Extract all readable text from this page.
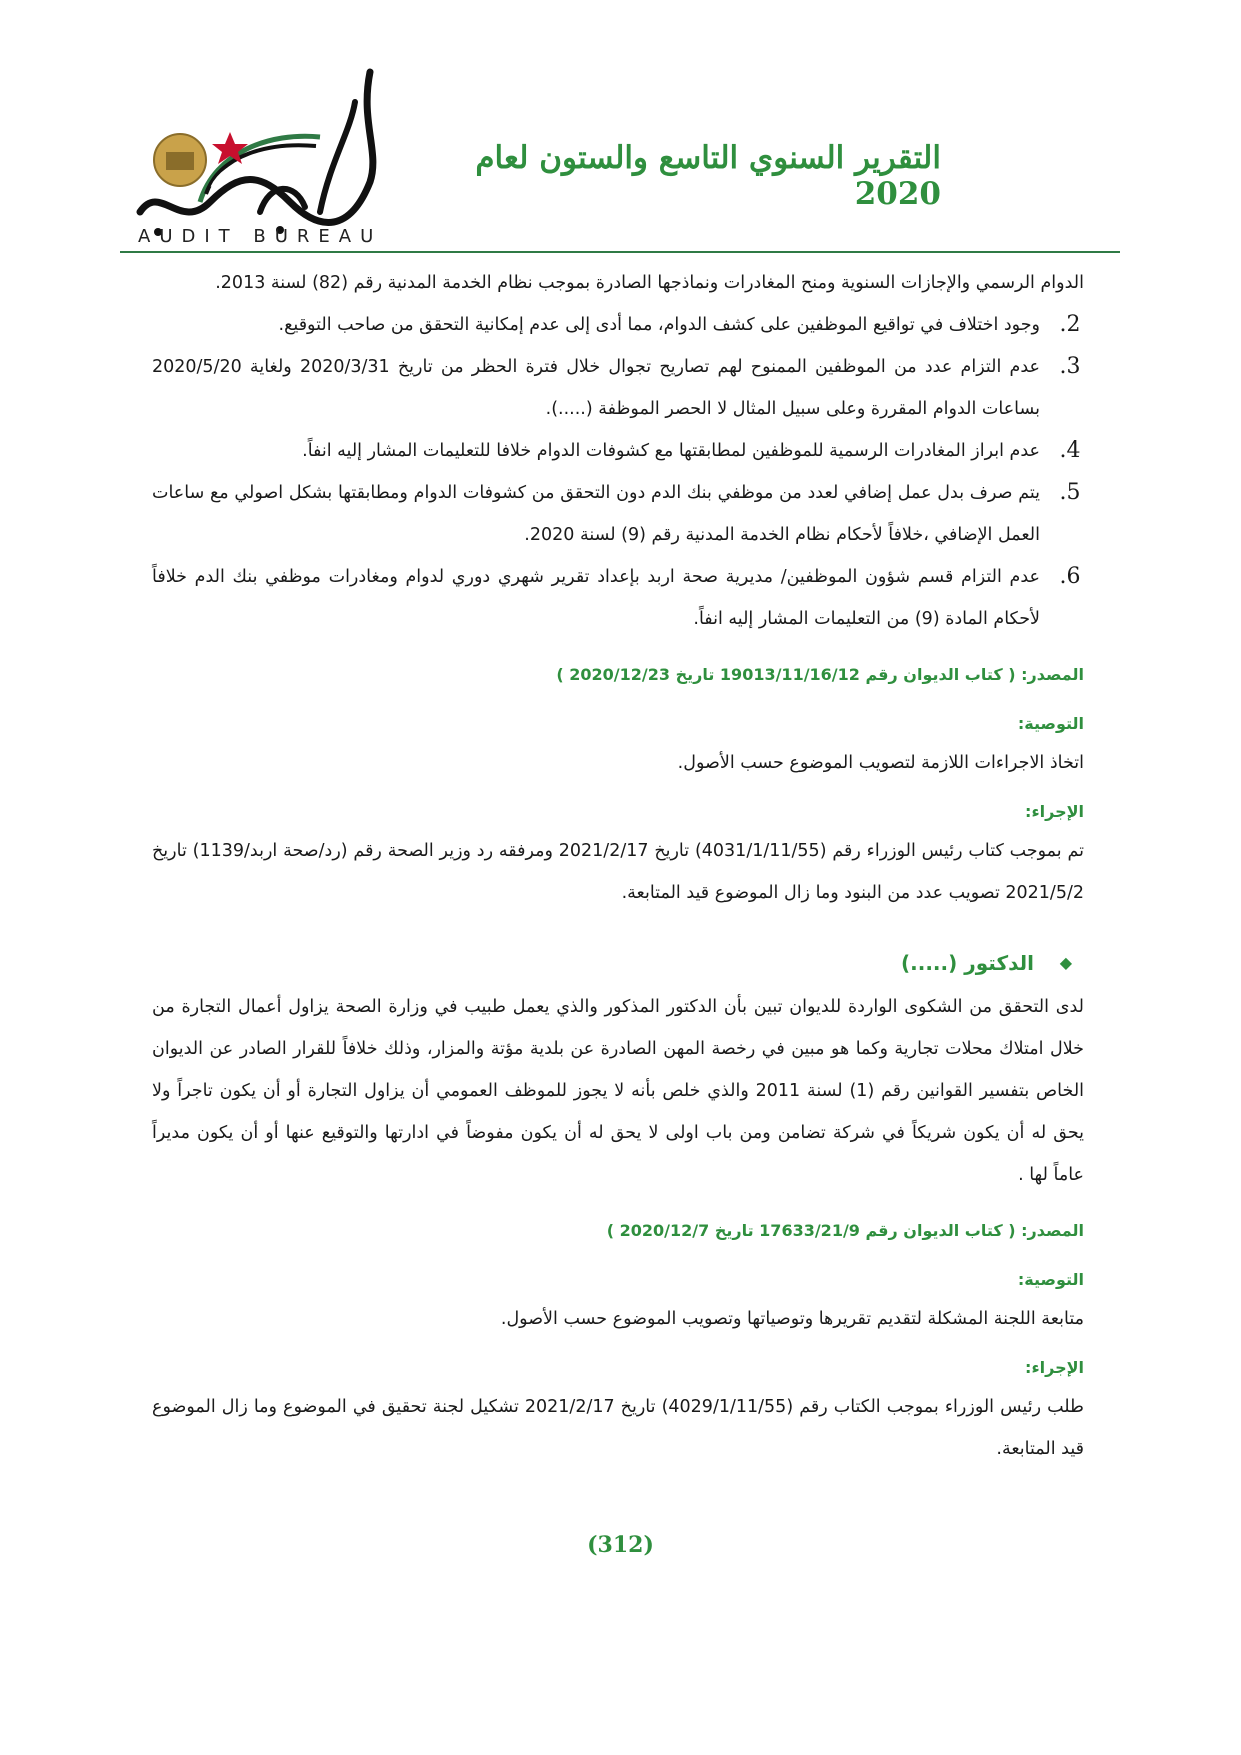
AUDIT BUREAU
التقرير السنوي التاسع والستون لعام 2020

الدوام الرسمي والإجازات السنوية ومنح المغادرات ونماذجها الصادرة بموجب نظام الخدمة المدنية رقم (82) لسنة 2013.

.2
وجود اختلاف في تواقيع الموظفين على كشف الدوام، مما أدى إلى عدم إمكانية التحقق من صاحب التوقيع.
.3
عدم التزام عدد من الموظفين الممنوح لهم تصاريح تجوال خلال فترة الحظر من تاريخ 2020/3/31 ولغاية 2020/5/20 بساعات الدوام المقررة وعلى سبيل المثال لا الحصر الموظفة (.....).
.4
عدم ابراز المغادرات الرسمية للموظفين لمطابقتها مع كشوفات الدوام خلافا للتعليمات المشار إليه انفاً.
.5
يتم صرف بدل عمل إضافي لعدد من موظفي بنك الدم دون التحقق من كشوفات الدوام ومطابقتها بشكل اصولي مع ساعات العمل الإضافي ،خلافاً لأحكام نظام الخدمة المدنية رقم (9) لسنة 2020.
.6
عدم التزام قسم شؤون الموظفين/ مديرية صحة اربد بإعداد تقرير شهري دوري لدوام ومغادرات موظفي بنك الدم خلافاً لأحكام المادة (9) من التعليمات المشار إليه انفاً.
المصدر: ( كتاب الديوان رقم 19013/11/16/12 تاريخ 2020/12/23 )
التوصية:

اتخاذ الاجراءات اللازمة لتصويب الموضوع حسب الأصول.

الإجراء:

تم بموجب كتاب رئيس الوزراء رقم (4031/1/11/55) تاريخ 2021/2/17 ومرفقه رد وزير الصحة رقم (رد/صحة اربد/1139) تاريخ 2021/5/2 تصويب عدد من البنود وما زال الموضوع قيد المتابعة.

◆
الدكتور (.....)

لدى التحقق من الشكوى الواردة للديوان تبين بأن الدكتور المذكور والذي يعمل طبيب في وزارة الصحة يزاول أعمال التجارة من خلال امتلاك محلات تجارية وكما هو مبين في رخصة المهن الصادرة عن بلدية مؤتة والمزار، وذلك خلافاً للقرار الصادر عن الديوان الخاص بتفسير القوانين رقم (1) لسنة 2011 والذي خلص بأنه لا يجوز للموظف العمومي أن يزاول التجارة أو أن يكون تاجراً ولا يحق له أن يكون شريكاً في شركة تضامن ومن باب اولى لا يحق له أن يكون مفوضاً في ادارتها والتوقيع عنها أو أن يكون مديراً عاماً لها .

المصدر: ( كتاب الديوان رقم 17633/21/9 تاريخ 2020/12/7 )
التوصية:

متابعة اللجنة المشكلة لتقديم تقريرها وتوصياتها وتصويب الموضوع حسب الأصول.

الإجراء:

طلب رئيس الوزراء بموجب الكتاب رقم (4029/1/11/55) تاريخ 2021/2/17 تشكيل لجنة تحقيق في الموضوع وما زال الموضوع قيد المتابعة.

(312)
